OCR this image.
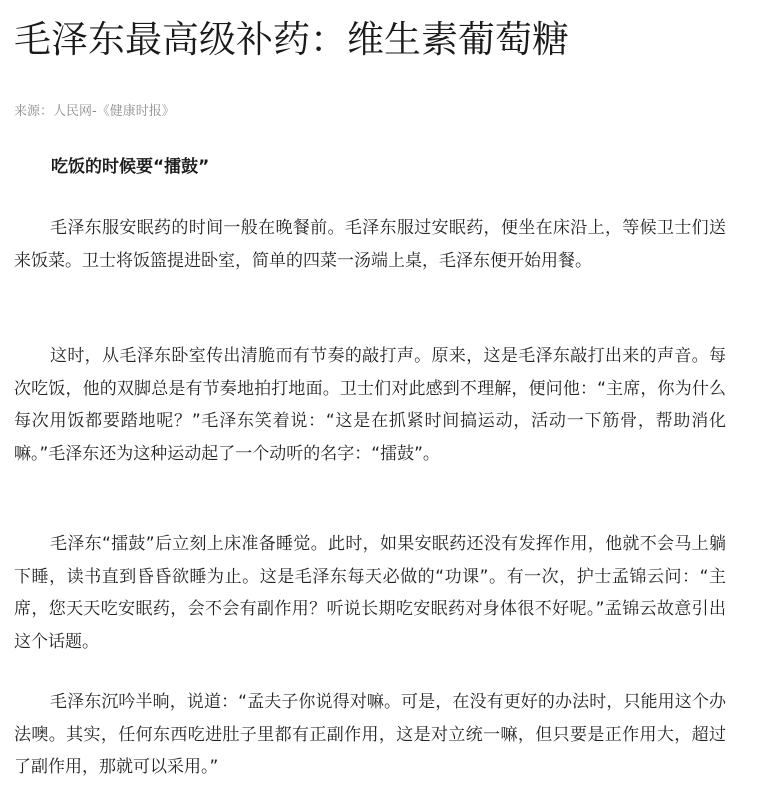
毛泽东最高级补药：维生素葡萄糖
来源：人民网-《健康时报》
吃饭的时候要“擂鼓”

毛泽东服安眠药的时间一般在晚餐前。毛泽东服过安眠药，便坐在床沿上，等候卫士们送来饭菜。卫士将饭篮提进卧室，简单的四菜一汤端上桌，毛泽东便开始用餐。

这时，从毛泽东卧室传出清脆而有节奏的敲打声。原来，这是毛泽东敲打出来的声音。每次吃饭，他的双脚总是有节奏地拍打地面。卫士们对此感到不理解，便问他：“主席，你为什么每次用饭都要踏地呢？”毛泽东笑着说：“这是在抓紧时间搞运动，活动一下筋骨，帮助消化嘛。”毛泽东还为这种运动起了一个动听的名字：“擂鼓”。

毛泽东“擂鼓”后立刻上床准备睡觉。此时，如果安眠药还没有发挥作用，他就不会马上躺下睡，读书直到昏昏欲睡为止。这是毛泽东每天必做的“功课”。有一次，护士孟锦云问：“主席，您天天吃安眠药，会不会有副作用？听说长期吃安眠药对身体很不好呢。”孟锦云故意引出这个话题。

毛泽东沉吟半晌，说道：“孟夫子你说得对嘛。可是，在没有更好的办法时，只能用这个办法噢。其实，任何东西吃进肚子里都有正副作用，这是对立统一嘛，但只要是正作用大，超过了副作用，那就可以采用。”
